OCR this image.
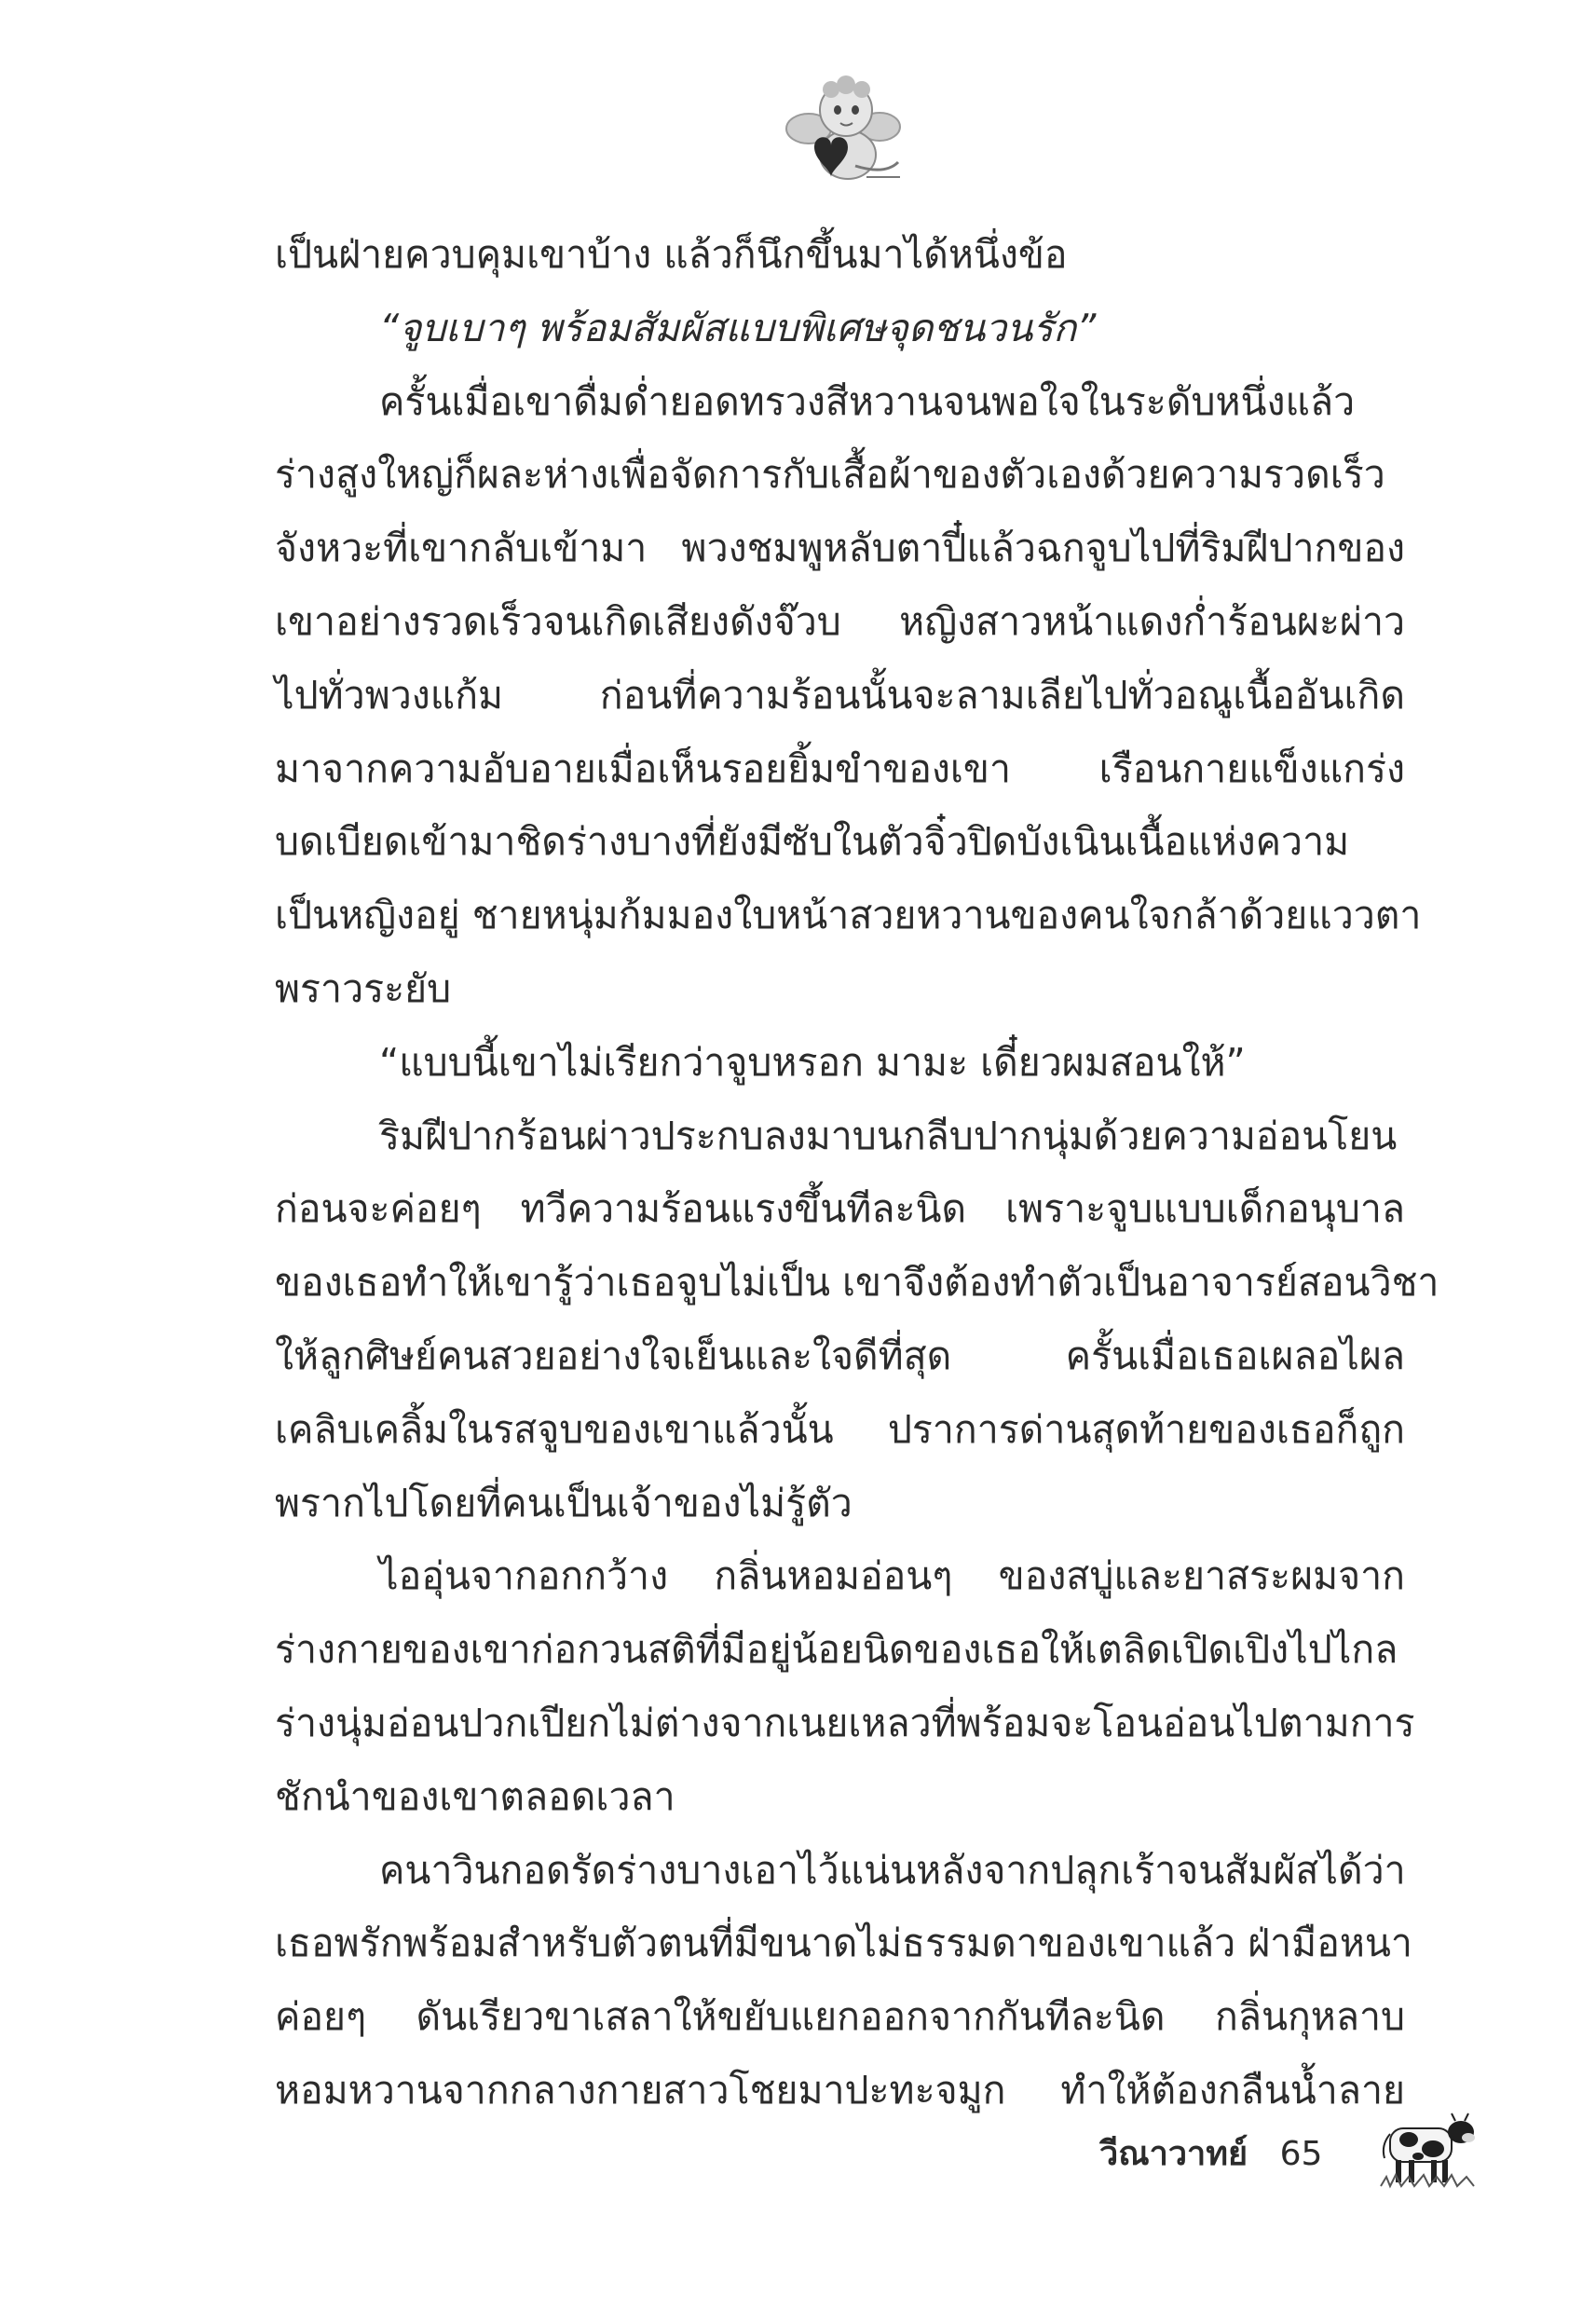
เป็นฝ่ายควบคุมเขาบ้าง แล้วก็นึกขึ้นมาได้หนึ่งข้อ
“จูบเบาๆ พร้อมสัมผัสแบบพิเศษจุดชนวนรัก”
ครั้นเมื่อเขาดื่มด่ำยอดทรวงสีหวานจนพอใจในระดับหนึ่งแล้ว
ร่างสูงใหญ่ก็ผละห่างเพื่อจัดการกับเสื้อผ้าของตัวเองด้วยความรวดเร็ว
จังหวะที่เขากลับเข้ามา พวงชมพูหลับตาปี๋แล้วฉกจูบไปที่ริมฝีปากของ
เขาอย่างรวดเร็วจนเกิดเสียงดังจ๊วบ หญิงสาวหน้าแดงก่ำร้อนผะผ่าว
ไปทั่วพวงแก้ม ก่อนที่ความร้อนนั้นจะลามเลียไปทั่วอณูเนื้ออันเกิด
มาจากความอับอายเมื่อเห็นรอยยิ้มขำของเขา เรือนกายแข็งแกร่ง
บดเบียดเข้ามาชิดร่างบางที่ยังมีซับในตัวจิ๋วปิดบังเนินเนื้อแห่งความ
เป็นหญิงอยู่ ชายหนุ่มก้มมองใบหน้าสวยหวานของคนใจกล้าด้วยแววตา
พราวระยับ
“แบบนี้เขาไม่เรียกว่าจูบหรอก มามะ เดี๋ยวผมสอนให้”
ริมฝีปากร้อนผ่าวประกบลงมาบนกลีบปากนุ่มด้วยความอ่อนโยน
ก่อนจะค่อยๆ ทวีความร้อนแรงขึ้นทีละนิด เพราะจูบแบบเด็กอนุบาล
ของเธอทำให้เขารู้ว่าเธอจูบไม่เป็น เขาจึงต้องทำตัวเป็นอาจารย์สอนวิชา
ให้ลูกศิษย์คนสวยอย่างใจเย็นและใจดีที่สุด ครั้นเมื่อเธอเผลอไผล
เคลิบเคลิ้มในรสจูบของเขาแล้วนั้น ปราการด่านสุดท้ายของเธอก็ถูก
พรากไปโดยที่คนเป็นเจ้าของไม่รู้ตัว
ไออุ่นจากอกกว้าง กลิ่นหอมอ่อนๆ ของสบู่และยาสระผมจาก
ร่างกายของเขาก่อกวนสติที่มีอยู่น้อยนิดของเธอให้เตลิดเปิดเปิงไปไกล
ร่างนุ่มอ่อนปวกเปียกไม่ต่างจากเนยเหลวที่พร้อมจะโอนอ่อนไปตามการ
ชักนำของเขาตลอดเวลา
คนาวินกอดรัดร่างบางเอาไว้แน่นหลังจากปลุกเร้าจนสัมผัสได้ว่า
เธอพรักพร้อมสำหรับตัวตนที่มีขนาดไม่ธรรมดาของเขาแล้ว ฝ่ามือหนา
ค่อยๆ ดันเรียวขาเสลาให้ขยับแยกออกจากกันทีละนิด กลิ่นกุหลาบ
หอมหวานจากกลางกายสาวโชยมาปะทะจมูก ทำให้ต้องกลืนน้ำลาย
วีณาวาทย์ 65
